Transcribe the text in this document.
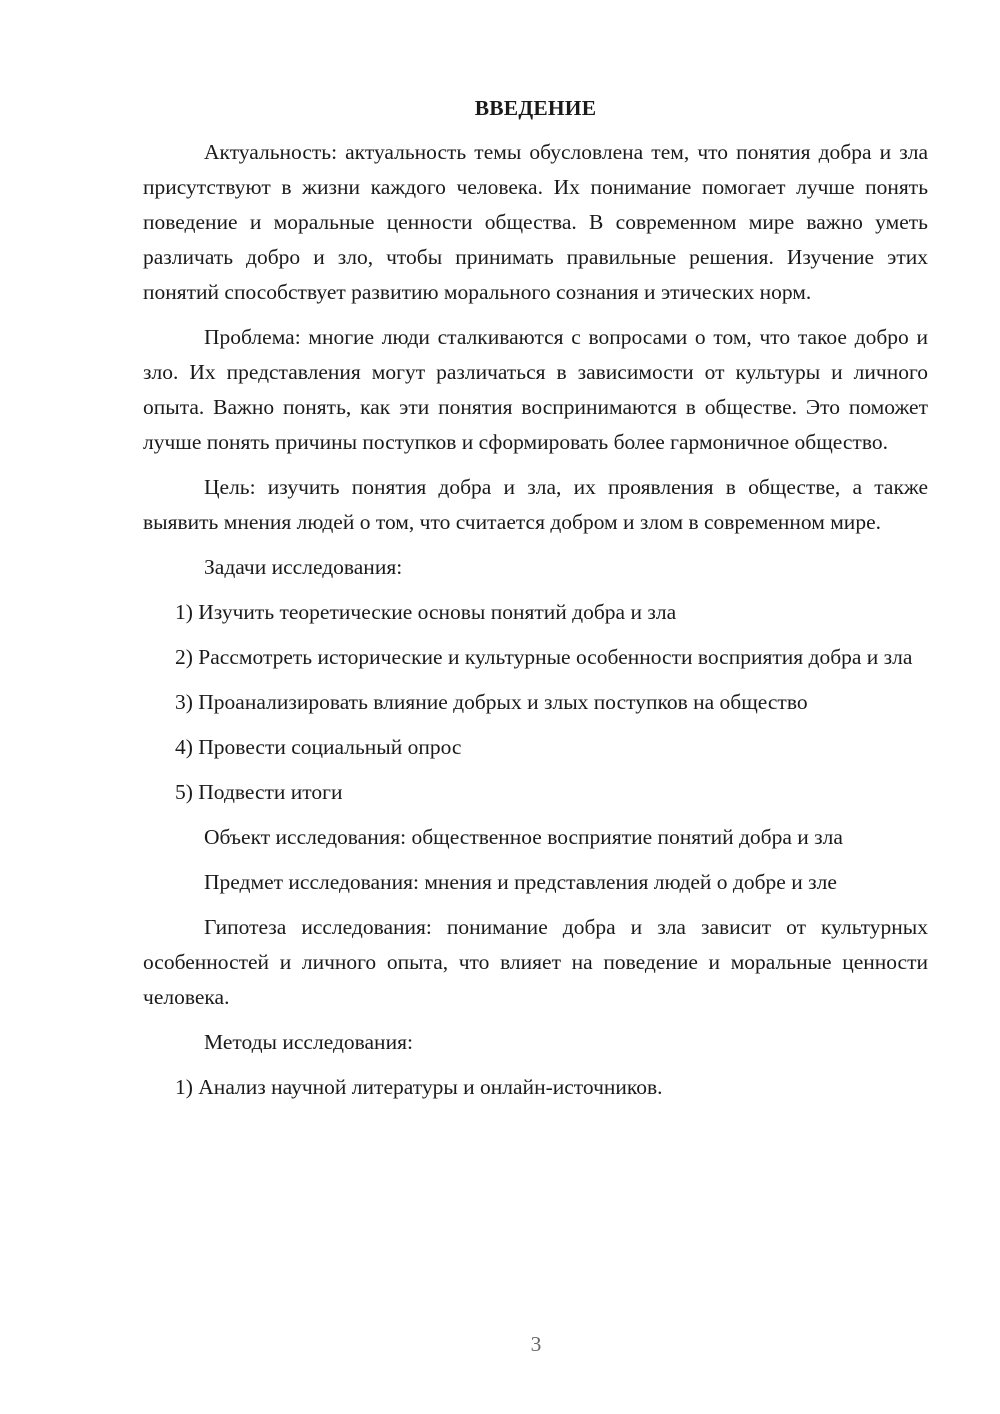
ВВЕДЕНИЕ

Актуальность: актуальность темы обусловлена тем, что понятия добра и зла присутствуют в жизни каждого человека. Их понимание помогает лучше понять поведение и моральные ценности общества. В современном мире важно уметь различать добро и зло, чтобы принимать правильные решения. Изучение этих понятий способствует развитию морального сознания и этических норм.

Проблема: многие люди сталкиваются с вопросами о том, что такое добро и зло. Их представления могут различаться в зависимости от культуры и личного опыта. Важно понять, как эти понятия воспринимаются в обществе. Это поможет лучше понять причины поступков и сформировать более гармоничное общество.

Цель: изучить понятия добра и зла, их проявления в обществе, а также выявить мнения людей о том, что считается добром и злом в современном мире.

Задачи исследования:

1) Изучить теоретические основы понятий добра и зла

2) Рассмотреть исторические и культурные особенности восприятия добра и зла

3) Проанализировать влияние добрых и злых поступков на общество

4) Провести социальный опрос

5) Подвести итоги

Объект исследования: общественное восприятие понятий добра и зла

Предмет исследования: мнения и представления людей о добре и зле

Гипотеза исследования: понимание добра и зла зависит от культурных особенностей и личного опыта, что влияет на поведение и моральные ценности человека.

Методы исследования:

1) Анализ научной литературы и онлайн-источников.

3
